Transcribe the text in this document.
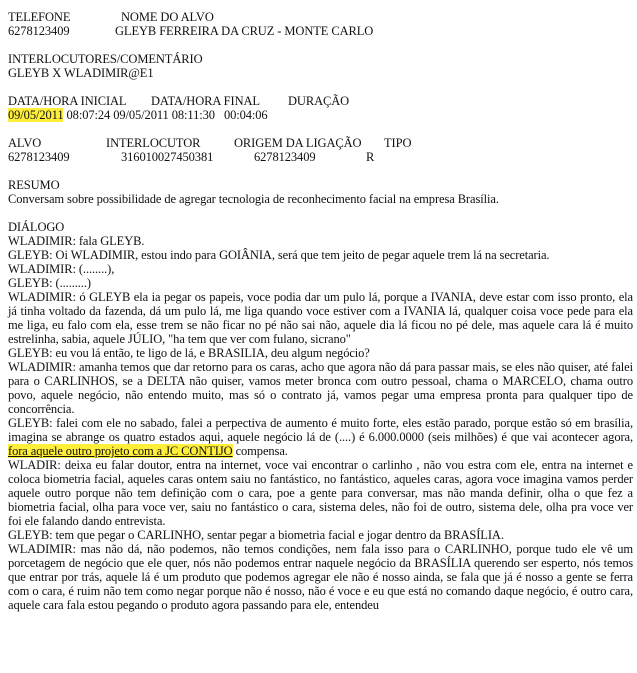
TELEFONE	NOME DO ALVO
6278123409	GLEYB FERREIRA DA CRUZ - MONTE CARLO
INTERLOCUTORES/COMENTÁRIO
GLEYB X WLADIMIR@E1
DATA/HORA INICIAL DATA/HORA FINAL DURAÇÃO
09/05/2011 08:07:24 09/05/2011 08:11:30 00:04:06
ALVO	INTERLOCUTOR	ORIGEM DA LIGAÇÃO TIPO
6278123409	316010027450381	6278123409	R
RESUMO
Conversam sobre possibilidade de agregar tecnologia de reconhecimento facial na empresa Brasília.
DIÁLOGO
WLADIMIR: fala GLEYB.
GLEYB: Oi WLADIMIR, estou indo para GOIÂNIA, será que tem jeito de pegar aquele trem lá na secretaria.
WLADIMIR: (........),
GLEYB: (.........)
WLADIMIR: ó GLEYB ela ia pegar os papeis, voce podia dar um pulo lá, porque a IVANIA, deve estar com isso pronto, ela já tinha voltado da fazenda, dá um pulo lá, me liga quando voce estiver com a IVANIA lá, qualquer coisa voce pede para ela me liga, eu falo com ela, esse trem se não ficar no pé não sai não, aquele dia lá ficou no pé dele, mas aquele cara lá é muito estrelinha, sabia, aquele JÚLIO, "ha tem que ver com fulano, sicrano"
GLEYB: eu vou lá então, te ligo de lá, e BRASILIA, deu algum negócio?
WLADIMIR: amanha temos que dar retorno para os caras, acho que agora não dá para passar mais, se eles não quiser, até falei para o CARLINHOS, se a DELTA não quiser, vamos meter bronca com outro pessoal, chama o MARCELO, chama outro povo, aquele negócio, não entendo muito, mas só o contrato já, vamos pegar uma empresa pronta para qualquer tipo de concorrência.
GLEYB: falei com ele no sabado, falei a perpectiva de aumento é muito forte, eles estão parado, porque estão só em brasília, imagina se abrange os quatro estados aqui, aquele negócio lá de (....) é 6.000.0000 (seis milhões) é que vai acontecer agora, fora aquele outro projeto com a JC CONTIJO compensa.
WLADIR: deixa eu falar doutor, entra na internet, voce vai encontrar o carlinho , não vou estra com ele, entra na internet e coloca biometria facial, aqueles caras ontem saiu no fantástico, no fantástico, aqueles caras, agora voce imagina vamos perder aquele outro porque não tem definição com o cara, poe a gente para conversar, mas não manda definir, olha o que fez a biometria facial, olha para voce ver, saiu no fantástico o cara, sistema deles, não foi de outro, sistema dele, olha pra voce ver foi ele falando dando entrevista.
GLEYB: tem que pegar o CARLINHO, sentar pegar a biometria facial e jogar dentro da BRASÍLIA.
WLADIMIR: mas não dá, não podemos, não temos condições, nem fala isso para o CARLINHO, porque tudo ele vê um porcetagem de negócio que ele quer, nós não podemos entrar naquele negócio da BRASÍLIA querendo ser esperto, nós temos que entrar por trás, aquele lá é um produto que podemos agregar ele não é nosso ainda, se fala que já é nosso a gente se ferra com o cara, é ruim não tem como negar porque não é nosso, não é voce e eu que está no comando daque negócio, é outro cara, aquele cara fala estou pegando o produto agora passando para ele, entendeu
